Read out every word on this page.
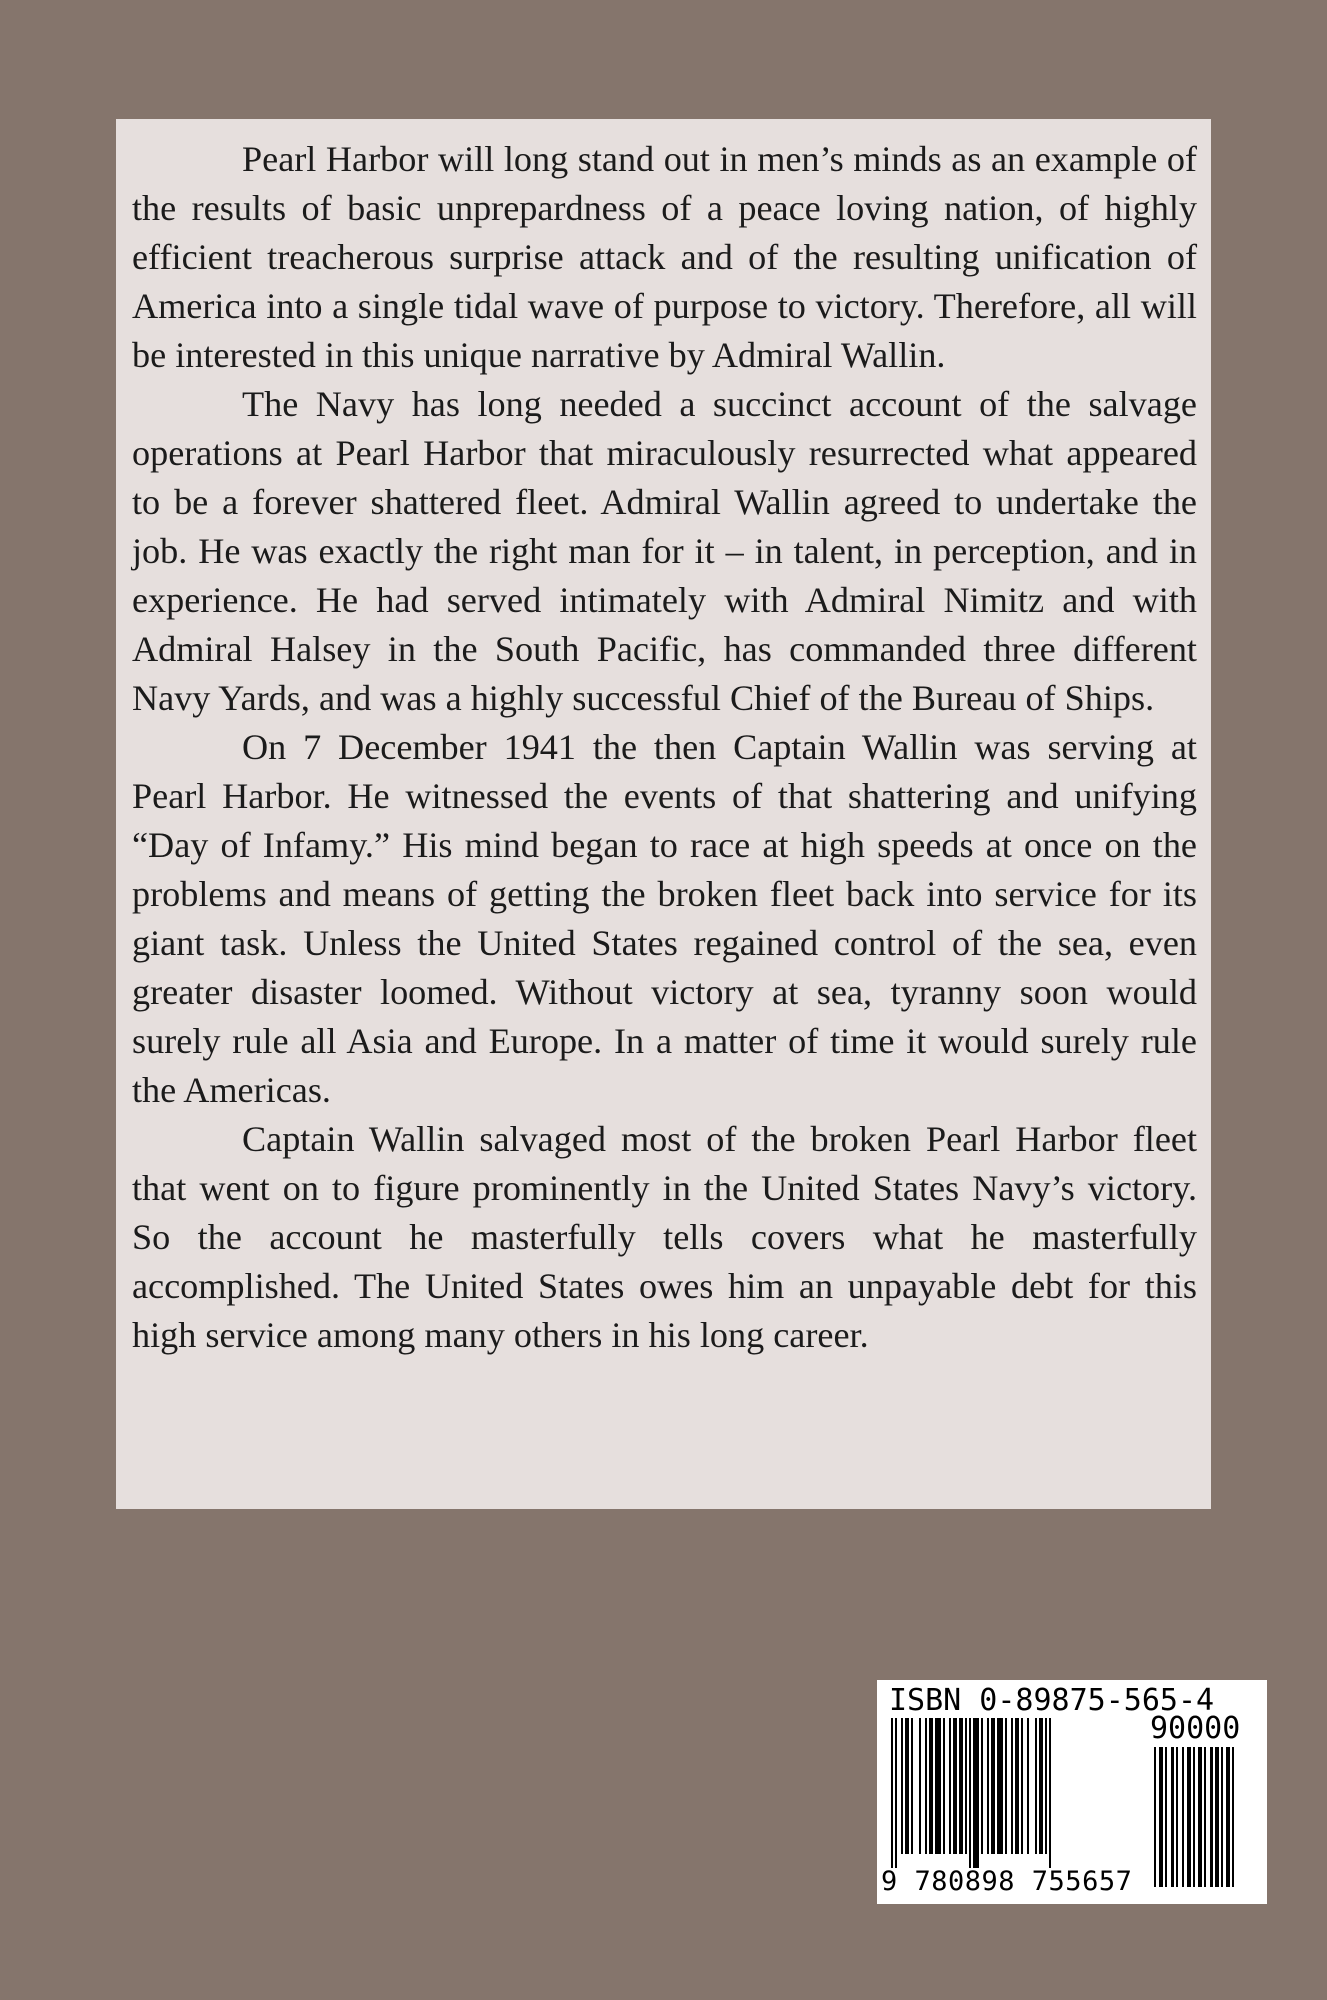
Pearl Harbor will long stand out in men’s minds as an example of the results of basic unprepardness of a peace loving nation, of highly efficient treacherous surprise attack and of the resulting unification of America into a single tidal wave of purpose to victory. Therefore, all will be interested in this unique narrative by Admiral Wallin.

The Navy has long needed a succinct account of the salvage operations at Pearl Harbor that miraculously resurrected what appeared to be a forever shattered fleet. Admiral Wallin agreed to undertake the job. He was exactly the right man for it – in talent, in perception, and in experience. He had served intimately with Admiral Nimitz and with Admiral Halsey in the South Pacific, has commanded three different Navy Yards, and was a highly successful Chief of the Bureau of Ships.

On 7 December 1941 the then Captain Wallin was serving at Pearl Harbor. He witnessed the events of that shattering and unifying “Day of Infamy.” His mind began to race at high speeds at once on the problems and means of getting the broken fleet back into service for its giant task. Unless the United States regained control of the sea, even greater disaster loomed. Without victory at sea, tyranny soon would surely rule all Asia and Europe. In a matter of time it would surely rule the Americas.

Captain Wallin salvaged most of the broken Pearl Harbor fleet that went on to figure prominently in the United States Navy’s victory. So the account he masterfully tells covers what he masterfully accomplished. The United States owes him an unpayable debt for this high service among many others in his long career.

ISBN 0-89875-565-4
90000
9 780898 755657
